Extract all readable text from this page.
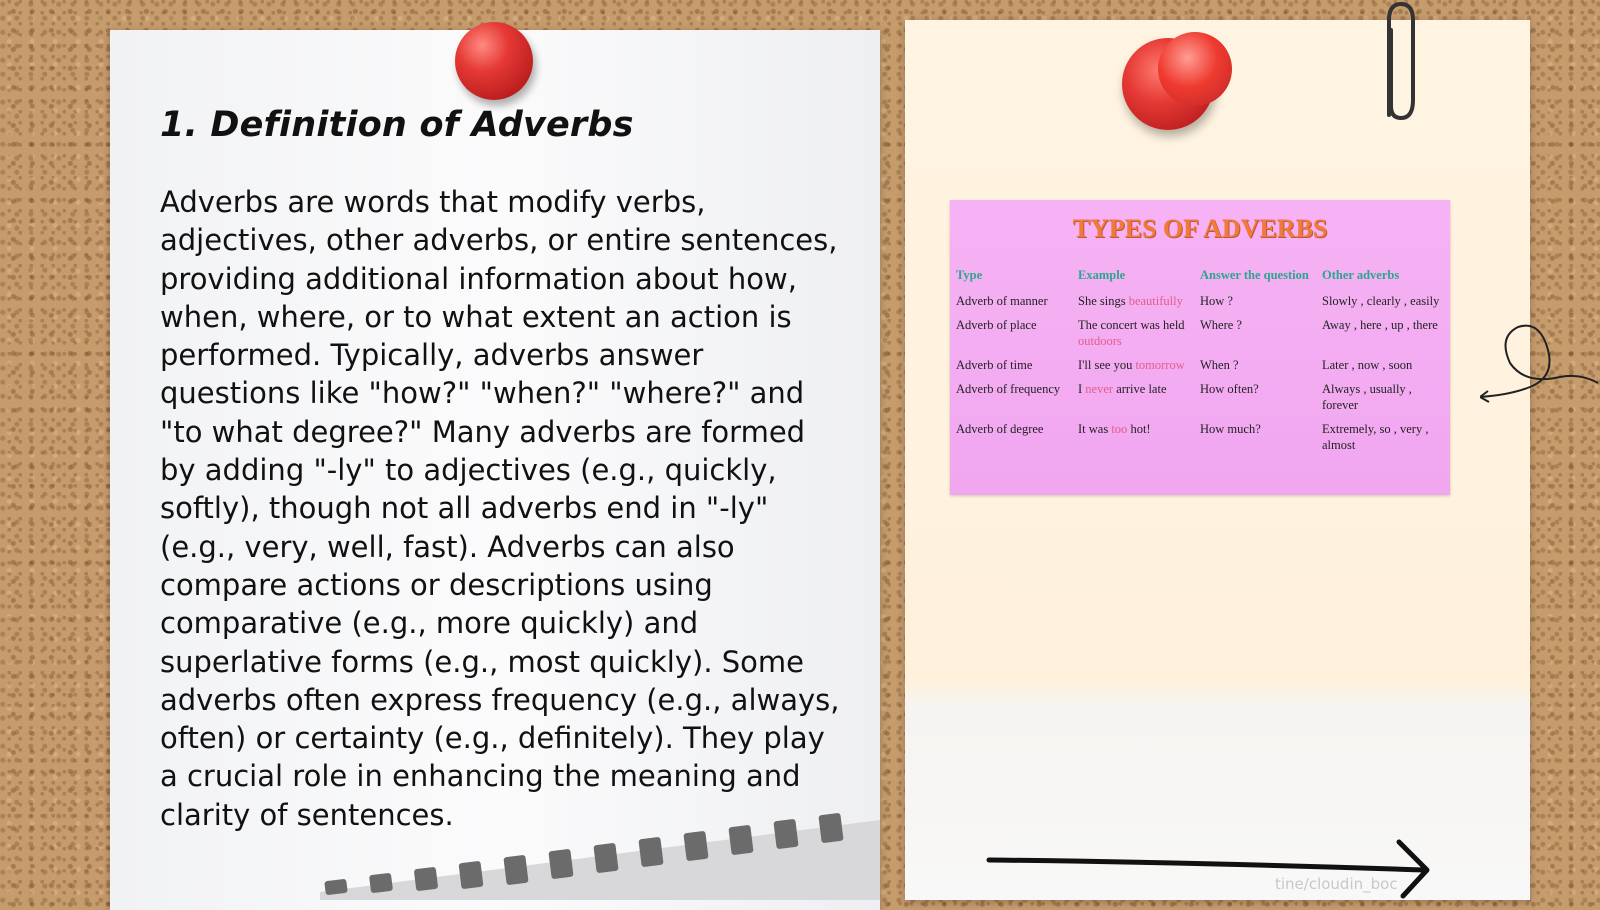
1. Definition of Adverbs

Adverbs are words that modify verbs, adjectives, other adverbs, or entire sentences, providing additional information about how, when, where, or to what extent an action is performed. Typically, adverbs answer questions like "how?" "when?" "where?" and "to what degree?" Many adverbs are formed by adding "-ly" to adjectives (e.g., quickly, softly), though not all adverbs end in "-ly" (e.g., very, well, fast). Adverbs can also compare actions or descriptions using comparative (e.g., more quickly) and superlative forms (e.g., most quickly). Some adverbs often express frequency (e.g., always, often) or certainty (e.g., definitely). They play a crucial role in enhancing the meaning and clarity of sentences.

TYPES OF ADVERBS
Type	Example	Answer the question	Other adverbs
Adverb of manner	She sings beautifully	How ?	Slowly , clearly , easily
Adverb of place	The concert was held outdoors	Where ?	Away , here , up , there
Adverb of time	I'll see you tomorrow	When ?	Later , now , soon
Adverb of frequency	I never arrive late	How often?	Always , usually , forever
Adverb of degree	It was too hot!	How much?	Extremely, so , very , almost
tine/cloudin_boc
